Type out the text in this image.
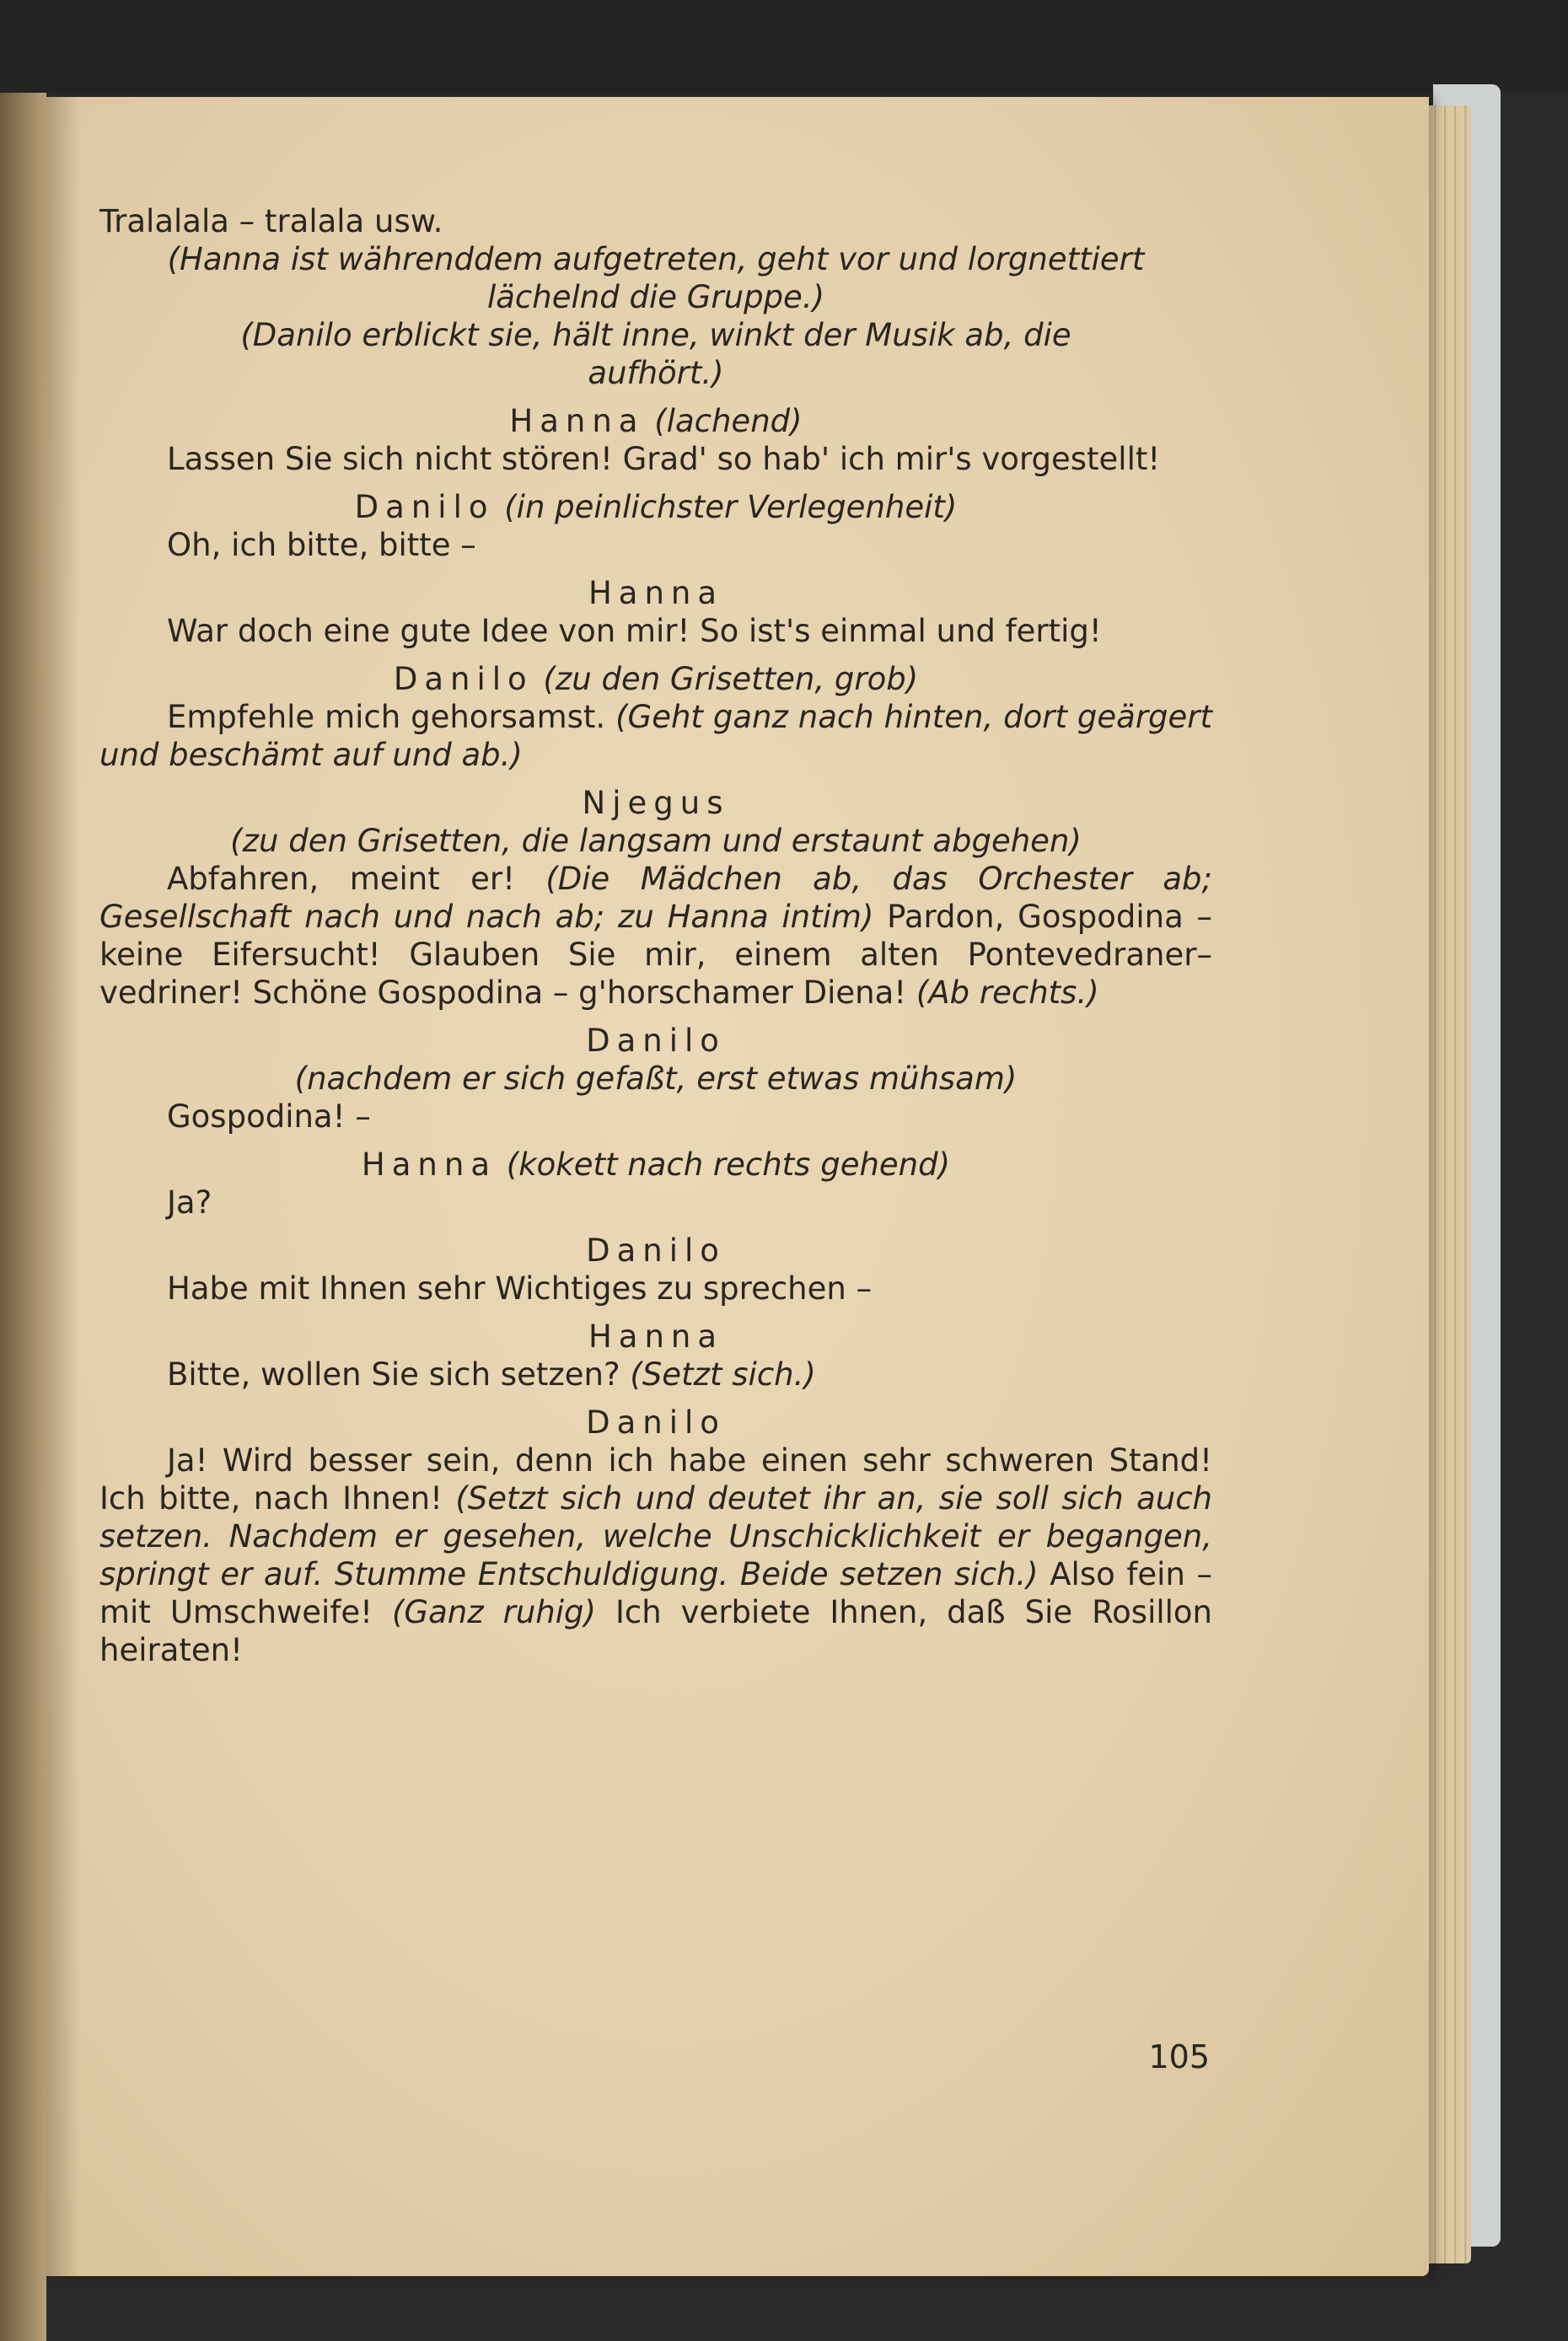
Tralalala – tralala usw.

(Hanna ist währenddem aufgetreten, geht vor und lorgnettiert
lächelnd die Gruppe.)

(Danilo erblickt sie, hält inne, winkt der Musik ab, die
aufhört.)

Hanna (lachend)

Lassen Sie sich nicht stören! Grad' so hab' ich mir's vorgestellt!

Danilo (in peinlichster Verlegenheit)

Oh, ich bitte, bitte –

Hanna

War doch eine gute Idee von mir! So ist's einmal und fertig!

Danilo (zu den Grisetten, grob)

Empfehle mich gehorsamst. (Geht ganz nach hinten, dort geärgert und beschämt auf und ab.)

Njegus

(zu den Grisetten, die langsam und erstaunt abgehen)

Abfahren, meint er! (Die Mädchen ab, das Orchester ab; Gesellschaft nach und nach ab; zu Hanna intim) Pardon, Gospodina – keine Eifersucht! Glauben Sie mir, einem alten Pontevedraner–vedriner! Schöne Gospodina – g'horschamer Diena! (Ab rechts.)

Danilo

(nachdem er sich gefaßt, erst etwas mühsam)

Gospodina! –

Hanna (kokett nach rechts gehend)

Ja?

Danilo

Habe mit Ihnen sehr Wichtiges zu sprechen –

Hanna

Bitte, wollen Sie sich setzen? (Setzt sich.)

Danilo

Ja! Wird besser sein, denn ich habe einen sehr schweren Stand! Ich bitte, nach Ihnen! (Setzt sich und deutet ihr an, sie soll sich auch setzen. Nachdem er gesehen, welche Unschicklichkeit er begangen, springt er auf. Stumme Entschuldigung. Beide setzen sich.) Also fein – mit Umschweife! (Ganz ruhig) Ich verbiete Ihnen, daß Sie Rosillon heiraten!

105
